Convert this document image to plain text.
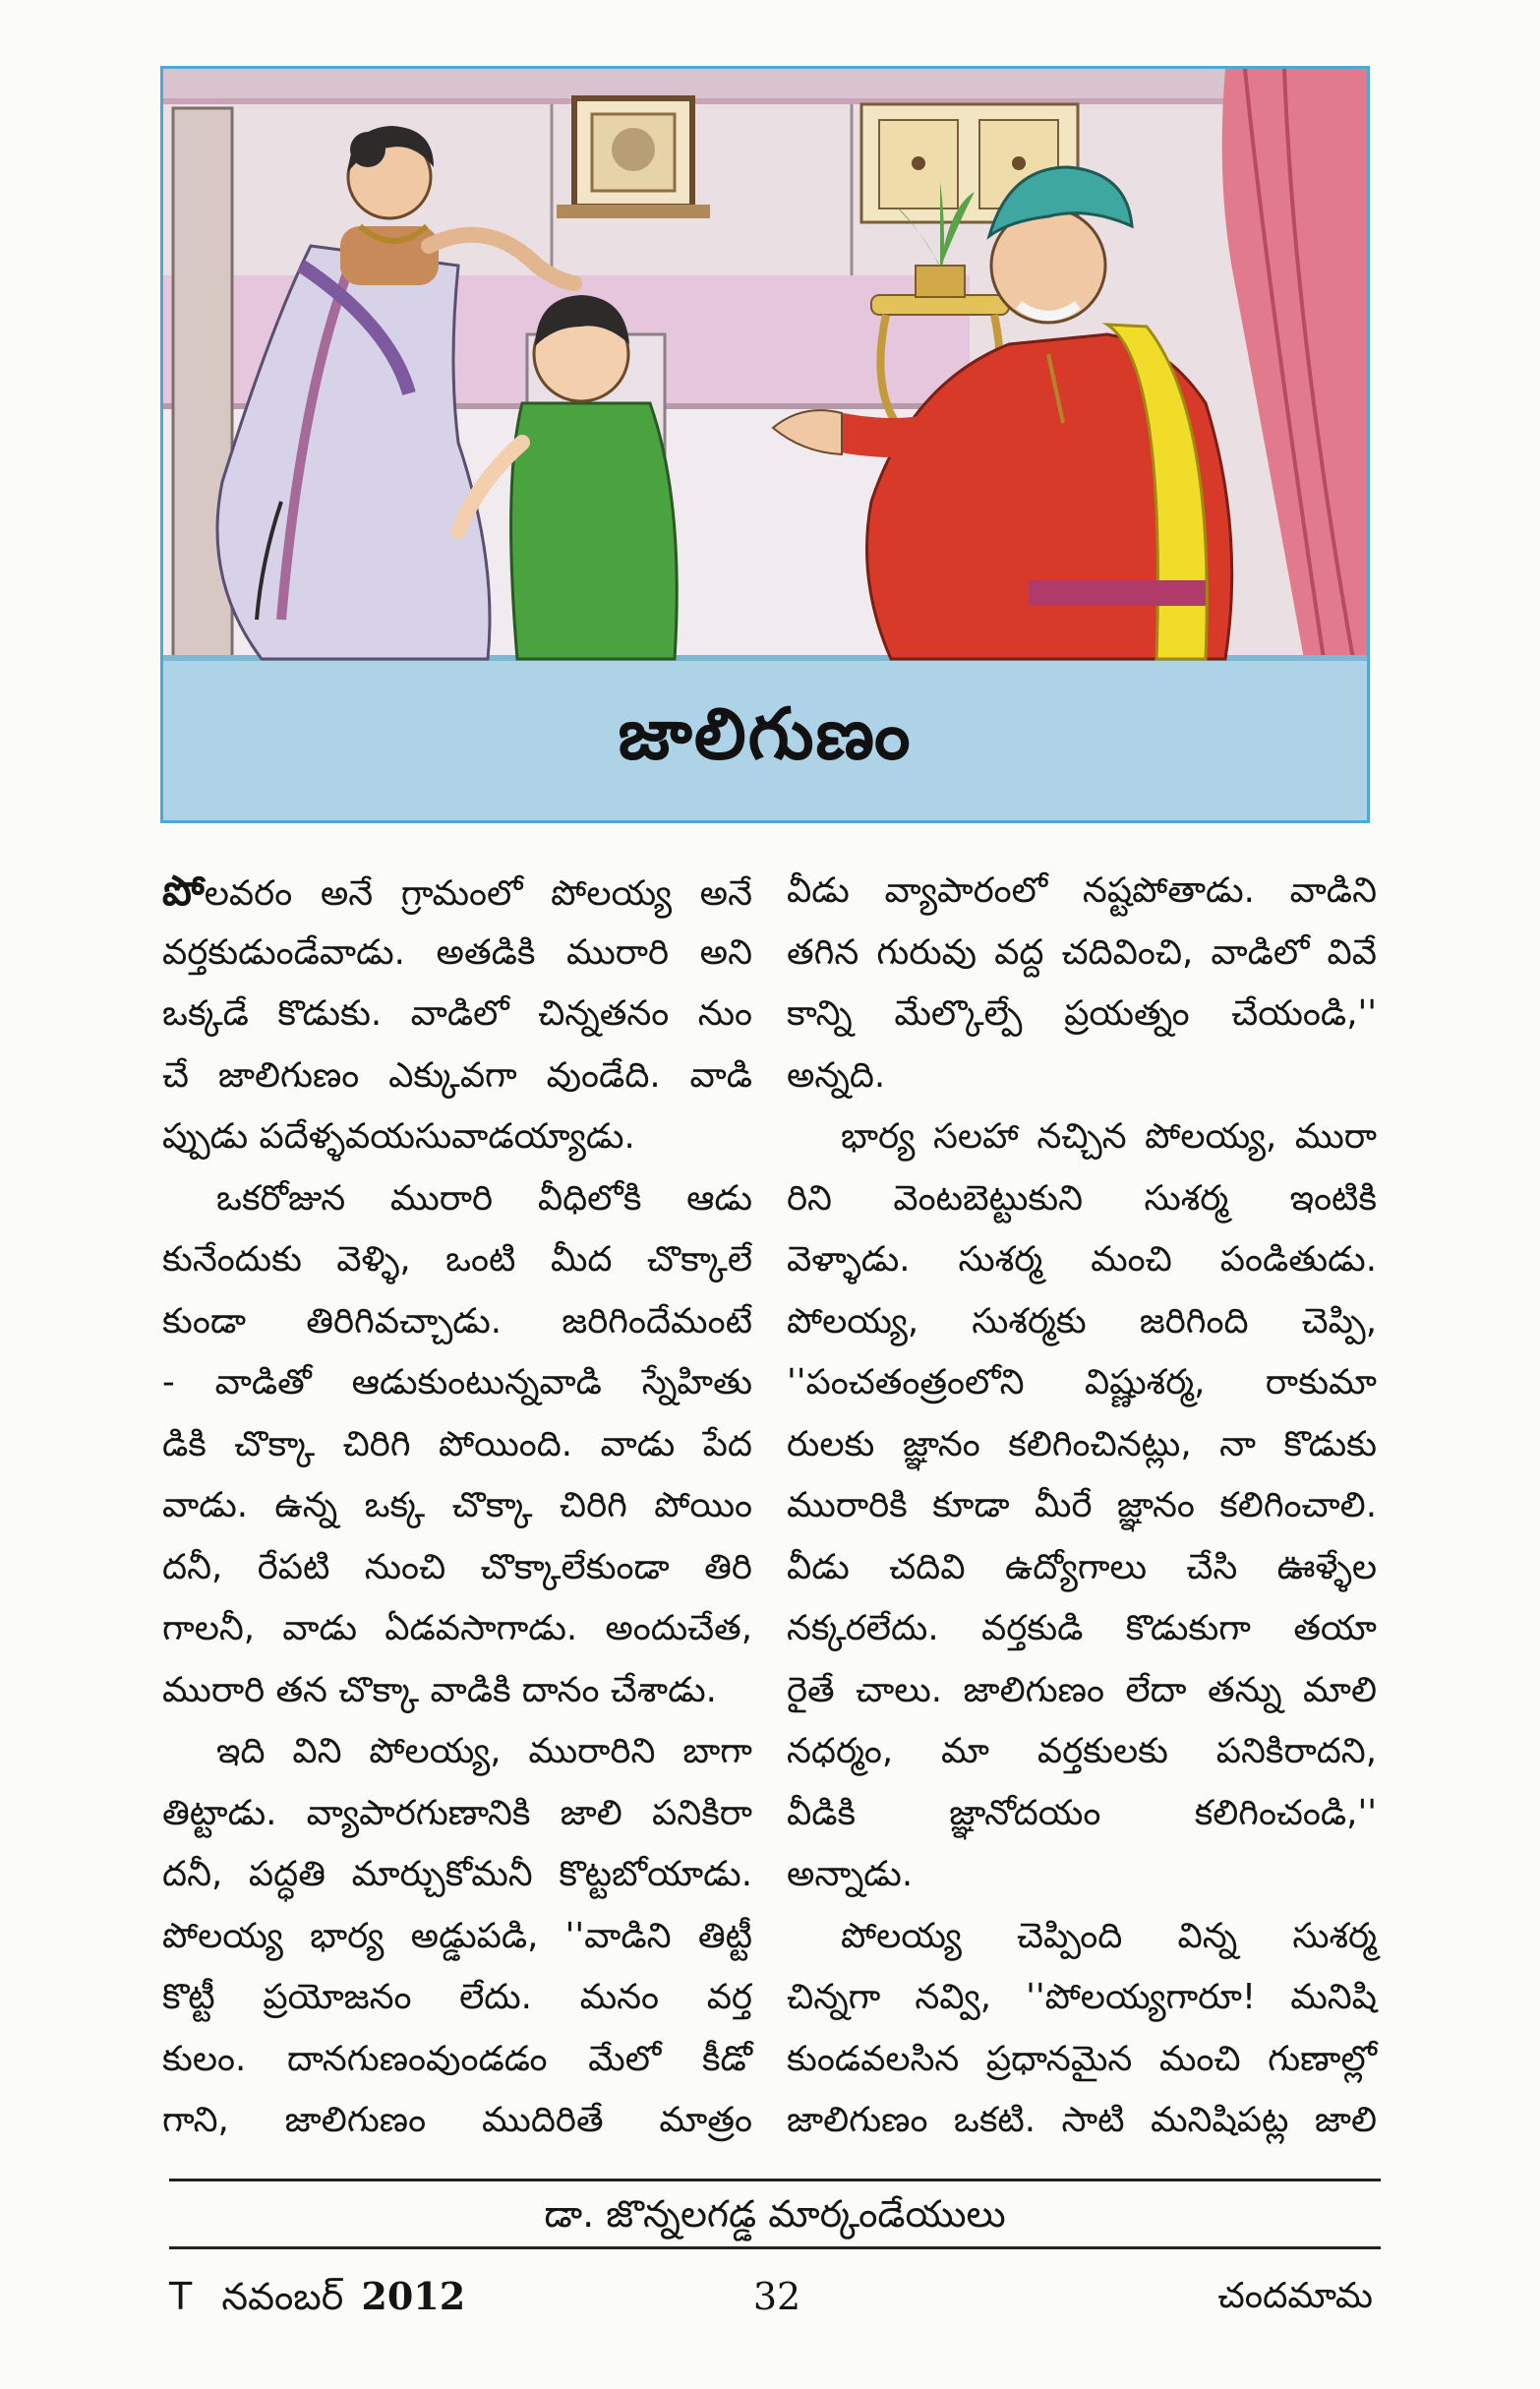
జాలిగుణం
పోలవరం అనే గ్రామంలో పోలయ్య అనే
వర్తకుడుండేవాడు. అతడికి మురారి అని
ఒక్కడే కొడుకు. వాడిలో చిన్నతనం నుం
చే జాలిగుణం ఎక్కువగా వుండేది. వాడి
ప్పుడు పదేళ్ళవయసువాడయ్యాడు.
ఒకరోజున మురారి వీధిలోకి ఆడు
కునేందుకు వెళ్ళి, ఒంటి మీద చొక్కాలే
కుండా తిరిగివచ్చాడు. జరిగిందేమంటే
- వాడితో ఆడుకుంటున్నవాడి స్నేహితు
డికి చొక్కా చిరిగి పోయింది. వాడు పేద
వాడు. ఉన్న ఒక్క చొక్కా చిరిగి పోయిం
దనీ, రేపటి నుంచి చొక్కాలేకుండా తిరి
గాలనీ, వాడు ఏడవసాగాడు. అందుచేత,
మురారి తన చొక్కా వాడికి దానం చేశాడు.
ఇది విని పోలయ్య, మురారిని బాగా
తిట్టాడు. వ్యాపారగుణానికి జాలి పనికిరా
దనీ, పద్ధతి మార్చుకోమనీ కొట్టబోయాడు.
పోలయ్య భార్య అడ్డుపడి, ''వాడిని తిట్టీ
కొట్టీ ప్రయోజనం లేదు. మనం వర్త
కులం. దానగుణంవుండడం మేలో కీడో
గాని, జాలిగుణం ముదిరితే మాత్రం
వీడు వ్యాపారంలో నష్టపోతాడు. వాడిని
తగిన గురువు వద్ద చదివించి, వాడిలో వివే
కాన్ని మేల్కొల్పే ప్రయత్నం చేయండి,''
అన్నది.
భార్య సలహా నచ్చిన పోలయ్య, మురా
రిని వెంటబెట్టుకుని సుశర్మ ఇంటికి
వెళ్ళాడు. సుశర్మ మంచి పండితుడు.
పోలయ్య, సుశర్మకు జరిగింది చెప్పి,
''పంచతంత్రంలోని విష్ణుశర్మ, రాకుమా
రులకు జ్ఞానం కలిగించినట్లు, నా కొడుకు
మురారికి కూడా మీరే జ్ఞానం కలిగించాలి.
వీడు చదివి ఉద్యోగాలు చేసి ఊళ్ళేల
నక్కరలేదు. వర్తకుడి కొడుకుగా తయా
రైతే చాలు. జాలిగుణం లేదా తన్ను మాలి
నధర్మం, మా వర్తకులకు పనికిరాదని,
వీడికి జ్ఞానోదయం కలిగించండి,''
అన్నాడు.
పోలయ్య చెప్పింది విన్న సుశర్మ
చిన్నగా నవ్వి, ''పోలయ్యగారూ! మనిషి
కుండవలసిన ప్రధానమైన మంచి గుణాల్లో
జాలిగుణం ఒకటి. సాటి మనిషిపట్ల జాలి
డా. జొన్నలగడ్డ మార్కండేయులు
T నవంబర్ 2012	32	చందమామ
